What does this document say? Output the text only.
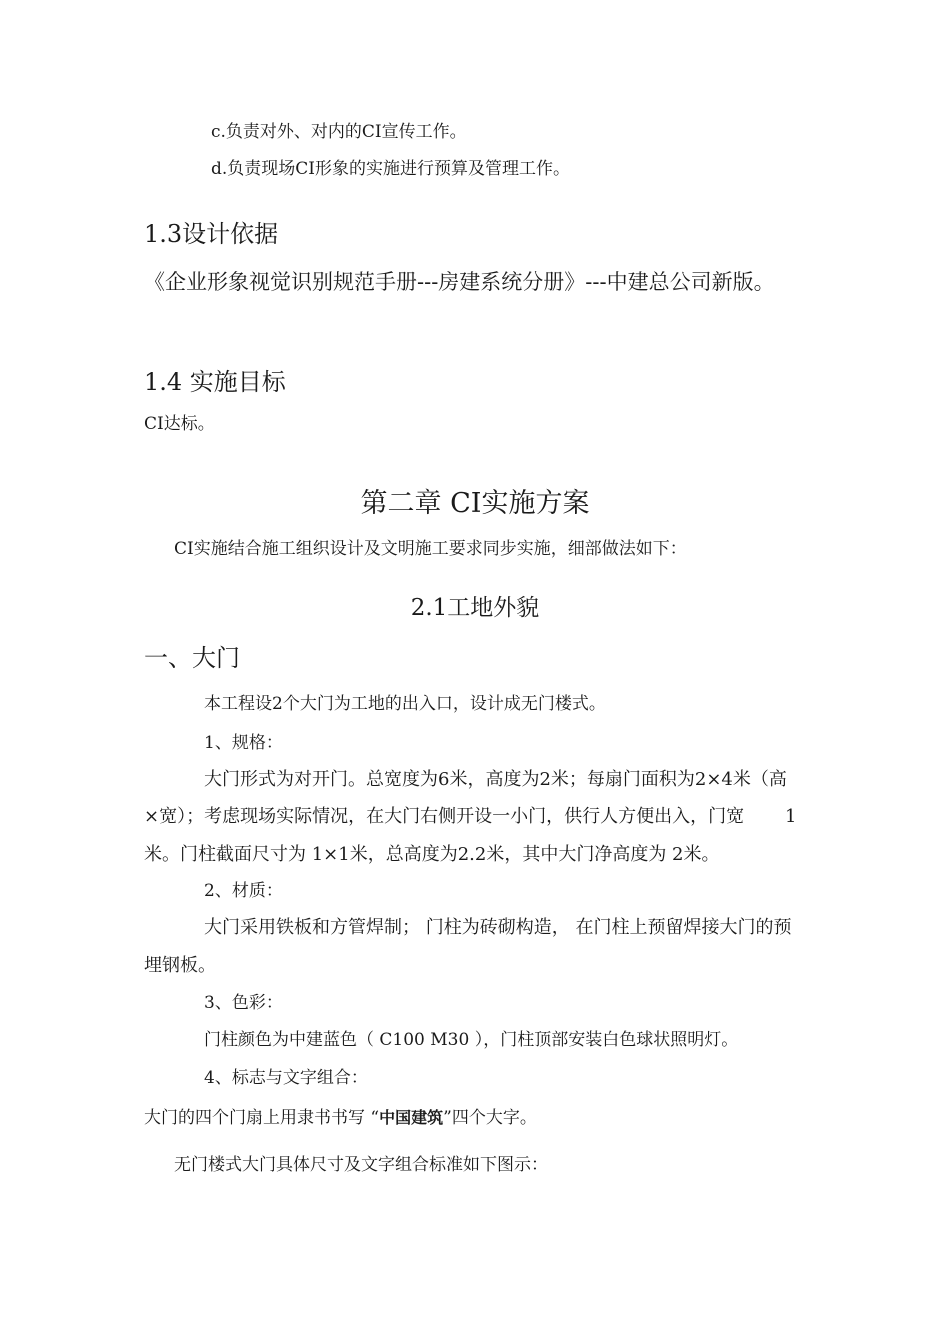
c.负责对外、对内的CI宣传工作。
d.负责现场CI形象的实施进行预算及管理工作。
1.3设计依据
《企业形象视觉识别规范手册---房建系统分册》---中建总公司新版。
1.4 实施目标
CI达标。
第二章 CI实施方案
CI实施结合施工组织设计及文明施工要求同步实施，细部做法如下：
2.1工地外貌
一、大门
本工程设2个大门为工地的出入口，设计成无门楼式。
1、规格：
大门形式为对开门。总宽度为6米，高度为2米；每扇门面积为2×4米（高
×宽）；考虑现场实际情况，在大门右侧开设一小门，供行人方便出入，门宽 1
米。门柱截面尺寸为 1×1米，总高度为2.2米，其中大门净高度为 2米。
2、材质：
大门采用铁板和方管焊制； 门柱为砖砌构造， 在门柱上预留焊接大门的预
埋钢板。
3、色彩：
门柱颜色为中建蓝色（ C100 M30 ），门柱顶部安装白色球状照明灯。
4、标志与文字组合：
大门的四个门扇上用隶书书写 “中国建筑”四个大字。
无门楼式大门具体尺寸及文字组合标准如下图示：
